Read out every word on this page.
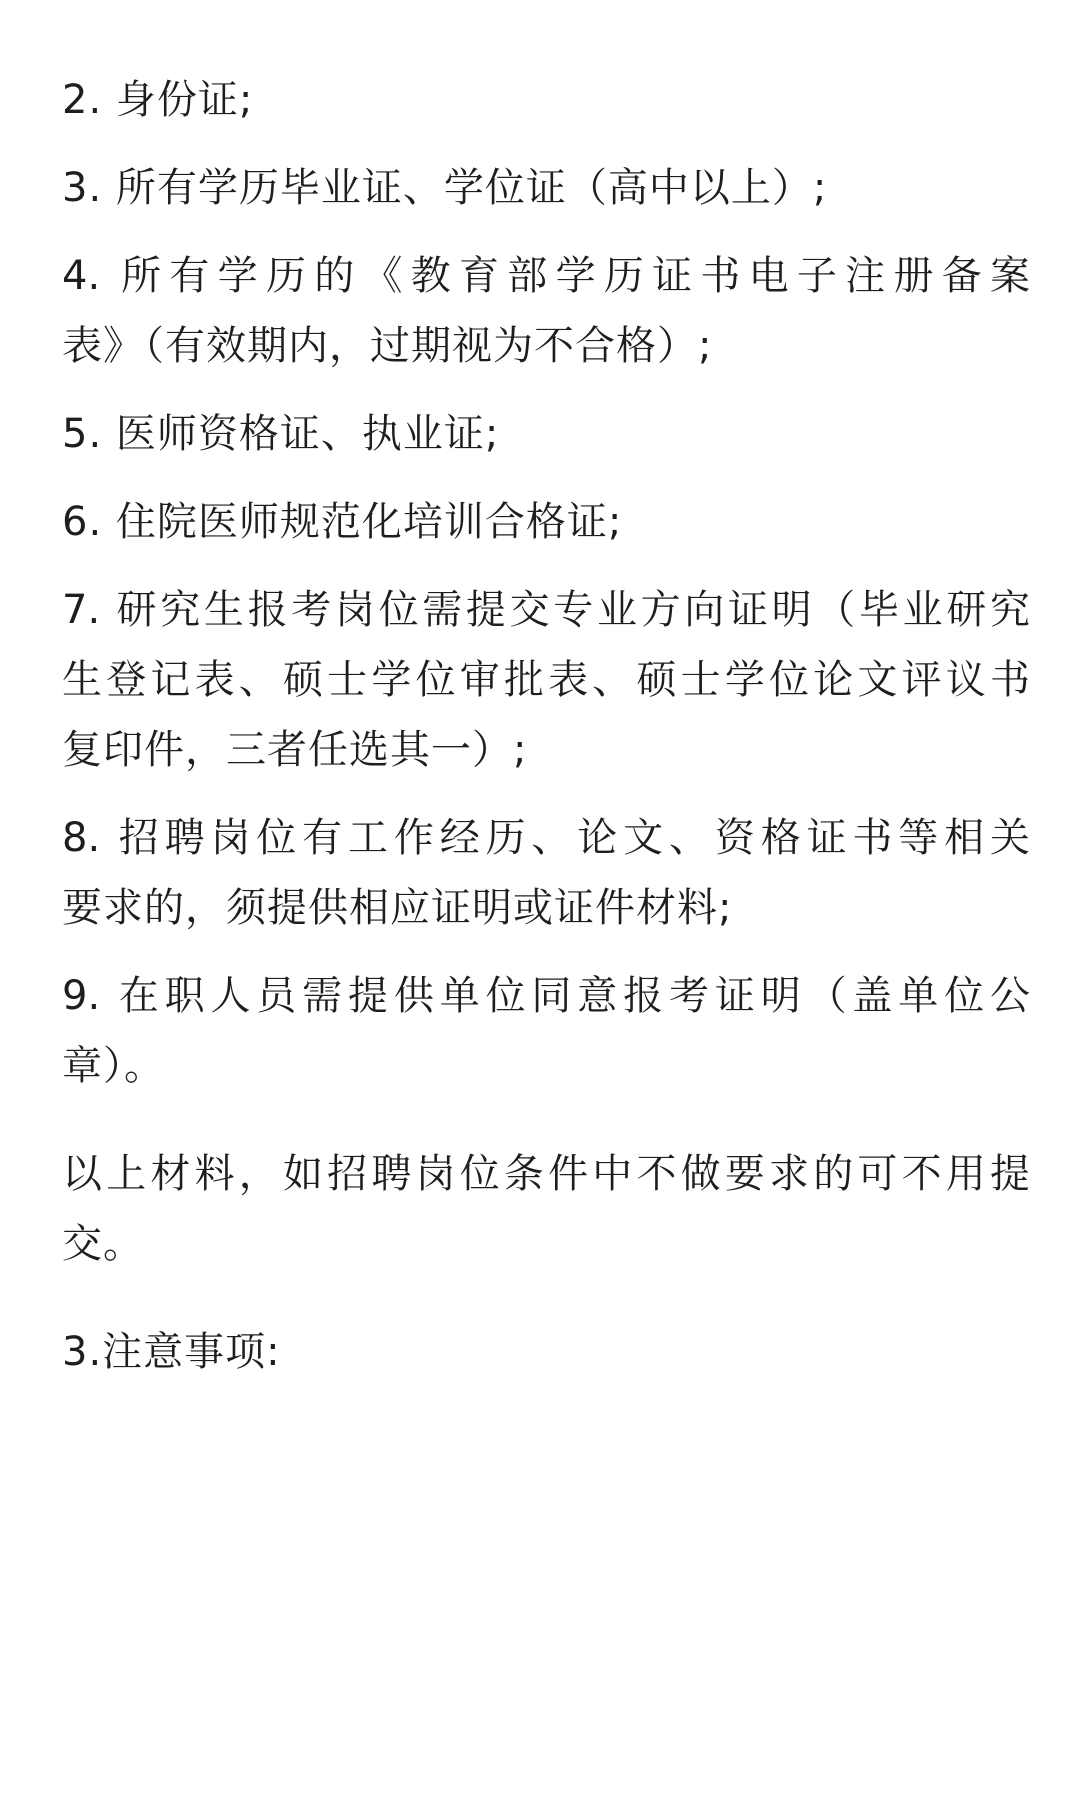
2. 身份证;
3. 所有学历毕业证、学位证（高中以上）;
4. 所有学历的《教育部学历证书电子注册备案
表》（有效期内，过期视为不合格）;
5. 医师资格证、执业证;
6. 住院医师规范化培训合格证;
7. 研究生报考岗位需提交专业方向证明（毕业研究
生登记表、硕士学位审批表、硕士学位论文评议书
复印件，三者任选其一）;
8. 招聘岗位有工作经历、论文、资格证书等相关
要求的，须提供相应证明或证件材料;
9. 在职人员需提供单位同意报考证明（盖单位公
章）。
以上材料，如招聘岗位条件中不做要求的可不用提
交。
3.注意事项:
